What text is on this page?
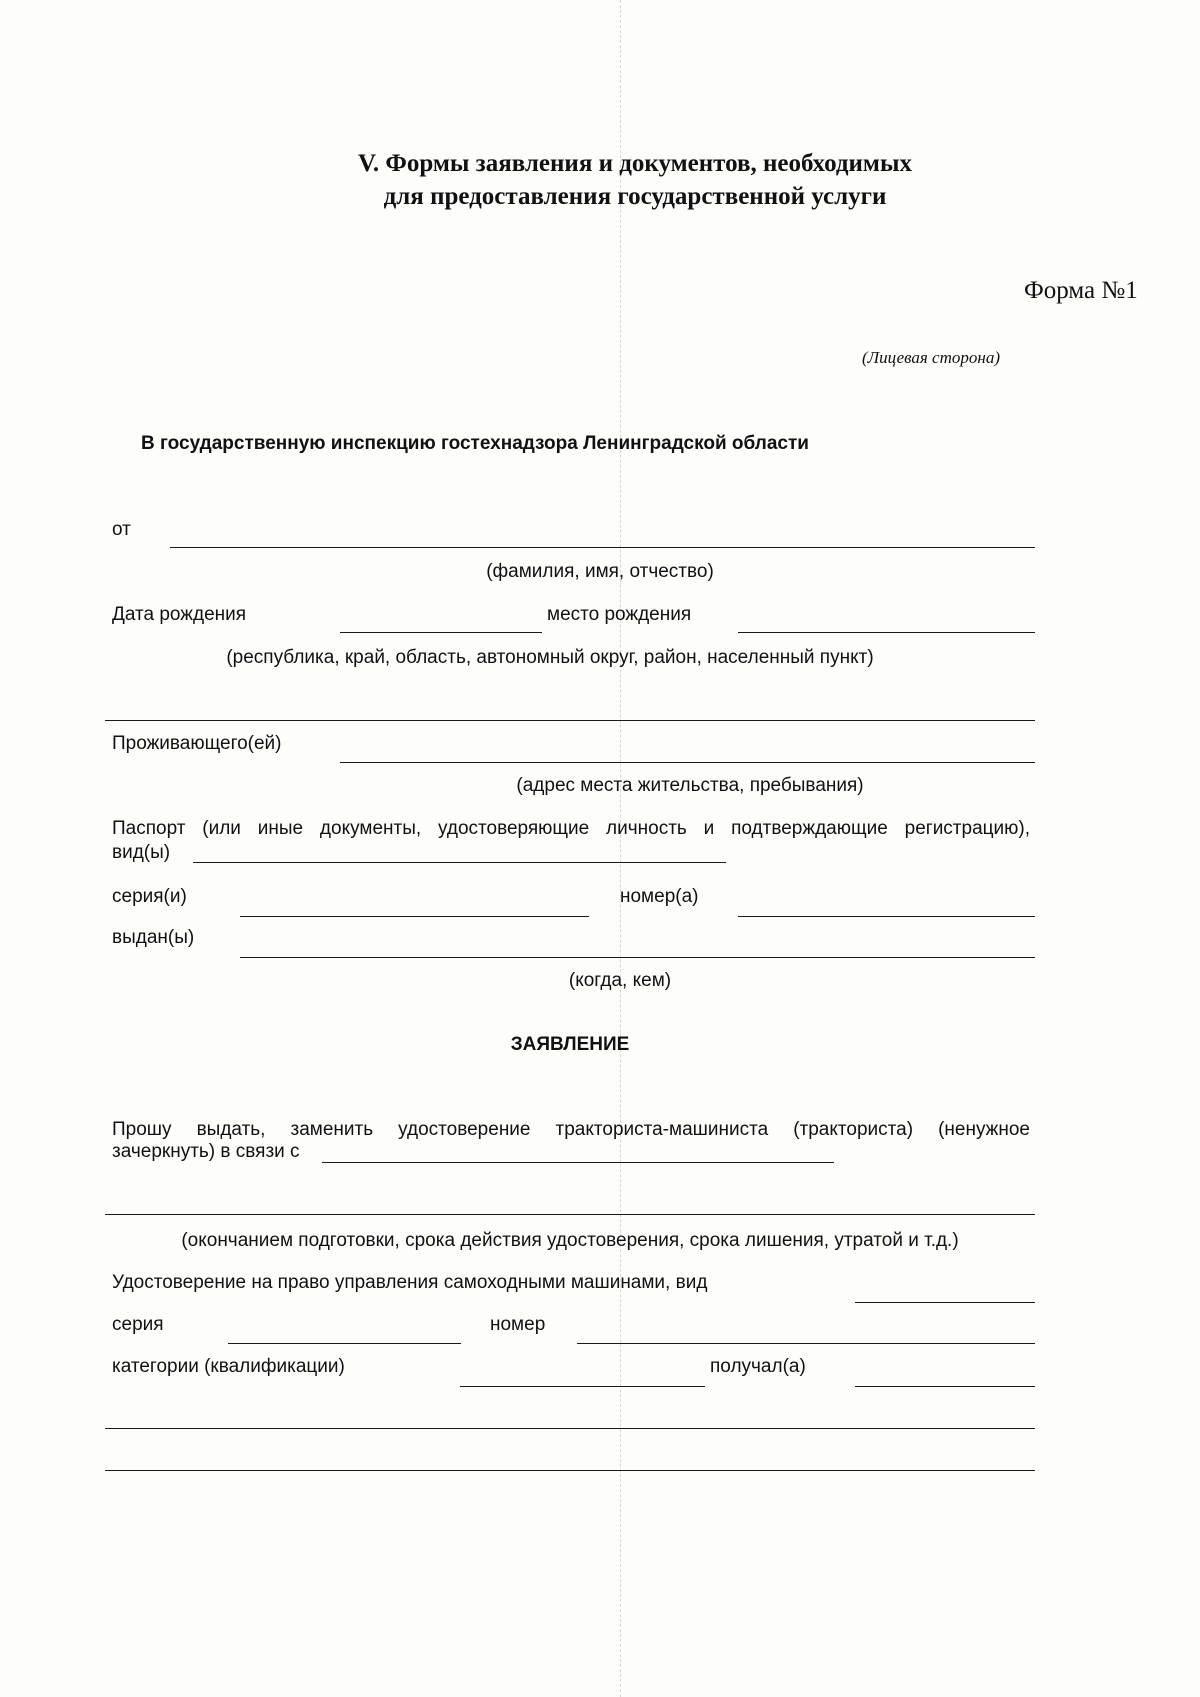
V. Формы заявления и документов, необходимых
для предоставления государственной услуги
Форма №1
(Лицевая сторона)
В государственную инспекцию гостехнадзора Ленинградской области
от
(фамилия, имя, отчество)
Дата рождения	место рождения
(республика, край, область, автономный округ, район, населенный пункт)
Проживающего(ей)
(адрес места жительства, пребывания)
Паспорт (или иные документы, удостоверяющие личность и подтверждающие регистрацию),
вид(ы)
серия(и)	номер(а)
выдан(ы)
(когда, кем)
ЗАЯВЛЕНИЕ
Прошу выдать, заменить удостоверение тракториста-машиниста (тракториста) (ненужное
зачеркнуть) в связи с
(окончанием подготовки, срока действия удостоверения, срока лишения, утратой и т.д.)
Удостоверение на право управления самоходными машинами, вид
серия	номер
категории (квалификации)	получал(а)
